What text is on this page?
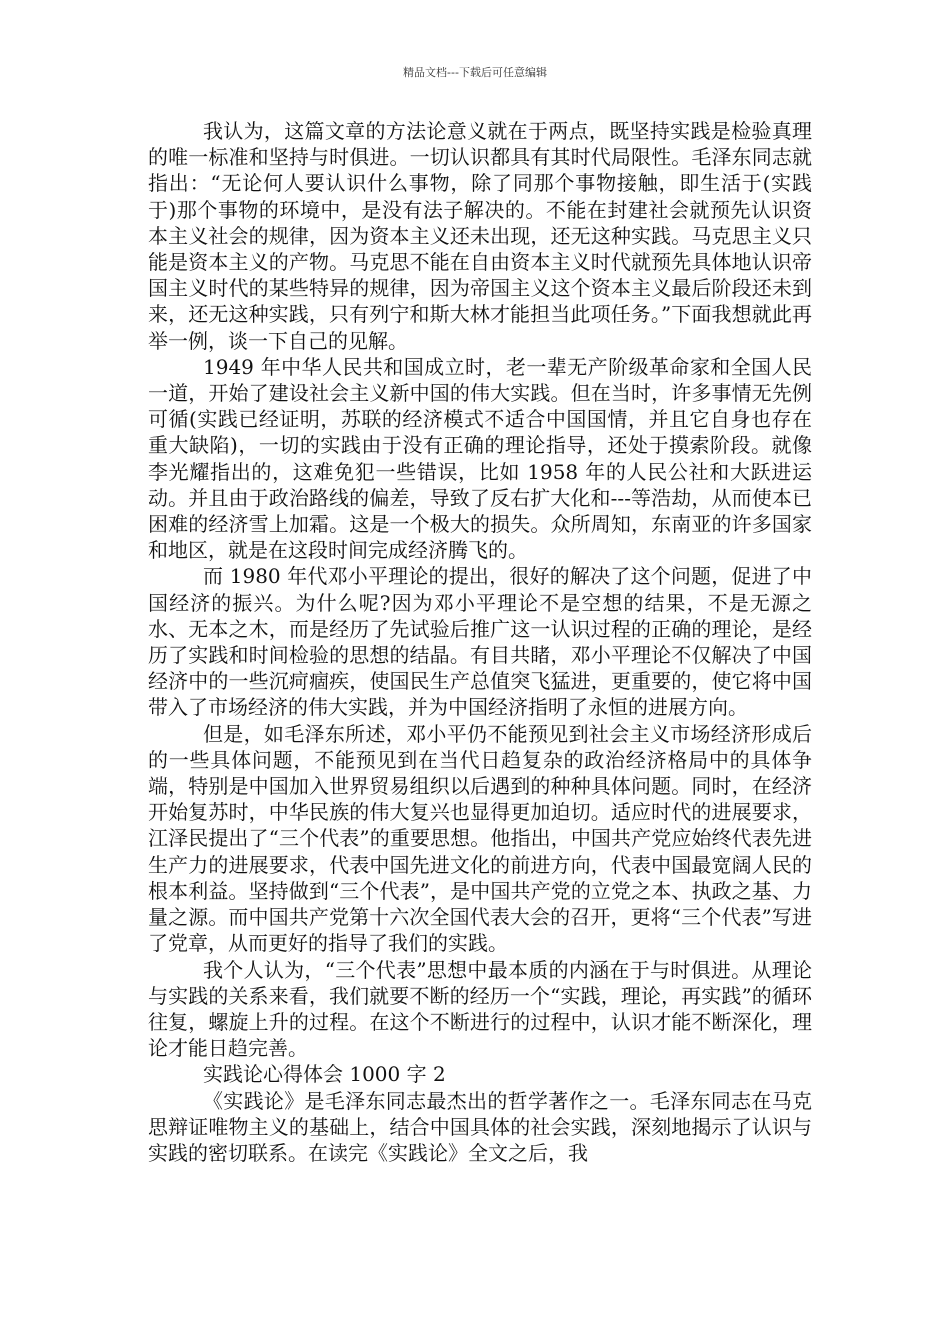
精品文档---下载后可任意编辑

我认为，这篇文章的方法论意义就在于两点，既坚持实践是检验真理的唯一标准和坚持与时俱进。一切认识都具有其时代局限性。毛泽东同志就指出：“无论何人要认识什么事物，除了同那个事物接触，即生活于(实践于)那个事物的环境中，是没有法子解决的。不能在封建社会就预先认识资本主义社会的规律，因为资本主义还未出现，还无这种实践。马克思主义只能是资本主义的产物。马克思不能在自由资本主义时代就预先具体地认识帝国主义时代的某些特异的规律，因为帝国主义这个资本主义最后阶段还未到来，还无这种实践，只有列宁和斯大林才能担当此项任务。”下面我想就此再举一例，谈一下自己的见解。

1949 年中华人民共和国成立时，老一辈无产阶级革命家和全国人民一道，开始了建设社会主义新中国的伟大实践。但在当时，许多事情无先例可循(实践已经证明，苏联的经济模式不适合中国国情，并且它自身也存在重大缺陷)，一切的实践由于没有正确的理论指导，还处于摸索阶段。就像李光耀指出的，这难免犯一些错误，比如 1958 年的人民公社和大跃进运动。并且由于政治路线的偏差，导致了反右扩大化和---等浩劫，从而使本已困难的经济雪上加霜。这是一个极大的损失。众所周知，东南亚的许多国家和地区，就是在这段时间完成经济腾飞的。

而 1980 年代邓小平理论的提出，很好的解决了这个问题，促进了中国经济的振兴。为什么呢?因为邓小平理论不是空想的结果，不是无源之水、无本之木，而是经历了先试验后推广这一认识过程的正确的理论，是经历了实践和时间检验的思想的结晶。有目共睹，邓小平理论不仅解决了中国经济中的一些沉疴痼疾，使国民生产总值突飞猛进，更重要的，使它将中国带入了市场经济的伟大实践，并为中国经济指明了永恒的进展方向。

但是，如毛泽东所述，邓小平仍不能预见到社会主义市场经济形成后的一些具体问题，不能预见到在当代日趋复杂的政治经济格局中的具体争端，特别是中国加入世界贸易组织以后遇到的种种具体问题。同时，在经济开始复苏时，中华民族的伟大复兴也显得更加迫切。适应时代的进展要求，江泽民提出了“三个代表”的重要思想。他指出，中国共产党应始终代表先进生产力的进展要求，代表中国先进文化的前进方向，代表中国最宽阔人民的根本利益。坚持做到“三个代表”，是中国共产党的立党之本、执政之基、力量之源。而中国共产党第十六次全国代表大会的召开，更将“三个代表”写进了党章，从而更好的指导了我们的实践。

我个人认为，“三个代表”思想中最本质的内涵在于与时俱进。从理论与实践的关系来看，我们就要不断的经历一个“实践，理论，再实践”的循环往复，螺旋上升的过程。在这个不断进行的过程中，认识才能不断深化，理论才能日趋完善。

实践论心得体会 1000 字 2

《实践论》是毛泽东同志最杰出的哲学著作之一。毛泽东同志在马克思辩证唯物主义的基础上，结合中国具体的社会实践，深刻地揭示了认识与实践的密切联系。在读完《实践论》全文之后，我
